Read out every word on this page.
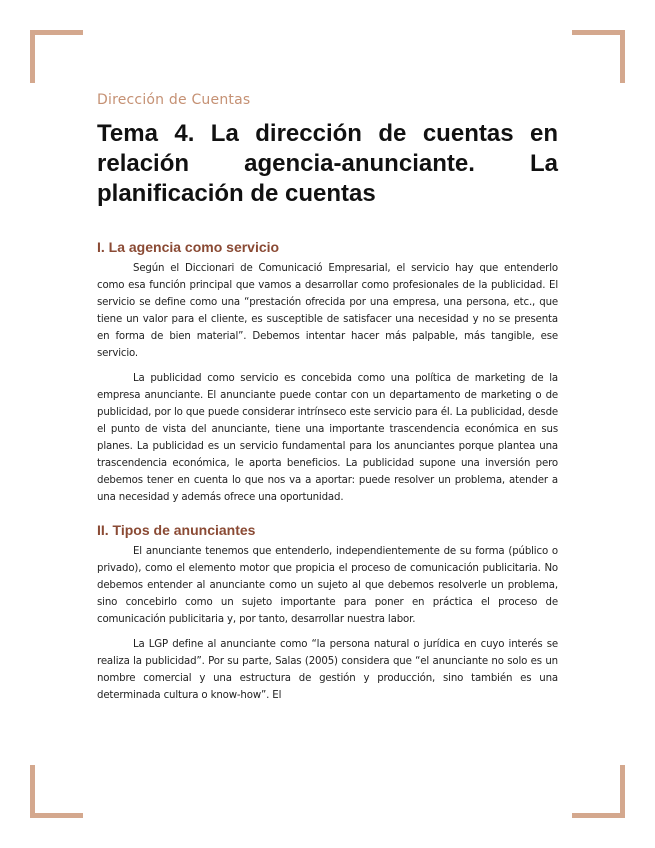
Dirección de Cuentas
Tema 4. La dirección de cuentas en relación agencia-anunciante. La planificación de cuentas
I. La agencia como servicio

Según el Diccionari de Comunicació Empresarial, el servicio hay que entenderlo como esa función principal que vamos a desarrollar como profesionales de la publicidad. El servicio se define como una “prestación ofrecida por una empresa, una persona, etc., que tiene un valor para el cliente, es susceptible de satisfacer una necesidad y no se presenta en forma de bien material”. Debemos intentar hacer más palpable, más tangible, ese servicio.

La publicidad como servicio es concebida como una política de marketing de la empresa anunciante. El anunciante puede contar con un departamento de marketing o de publicidad, por lo que puede considerar intrínseco este servicio para él. La publicidad, desde el punto de vista del anunciante, tiene una importante trascendencia económica en sus planes. La publicidad es un servicio fundamental para los anunciantes porque plantea una trascendencia económica, le aporta beneficios. La publicidad supone una inversión pero debemos tener en cuenta lo que nos va a aportar: puede resolver un problema, atender a una necesidad y además ofrece una oportunidad.

II. Tipos de anunciantes

El anunciante tenemos que entenderlo, independientemente de su forma (público o privado), como el elemento motor que propicia el proceso de comunicación publicitaria. No debemos entender al anunciante como un sujeto al que debemos resolverle un problema, sino concebirlo como un sujeto importante para poner en práctica el proceso de comunicación publicitaria y, por tanto, desarrollar nuestra labor.

La LGP define al anunciante como “la persona natural o jurídica en cuyo interés se realiza la publicidad”. Por su parte, Salas (2005) considera que “el anunciante no solo es un nombre comercial y una estructura de gestión y producción, sino también es una determinada cultura o know-how”. El
